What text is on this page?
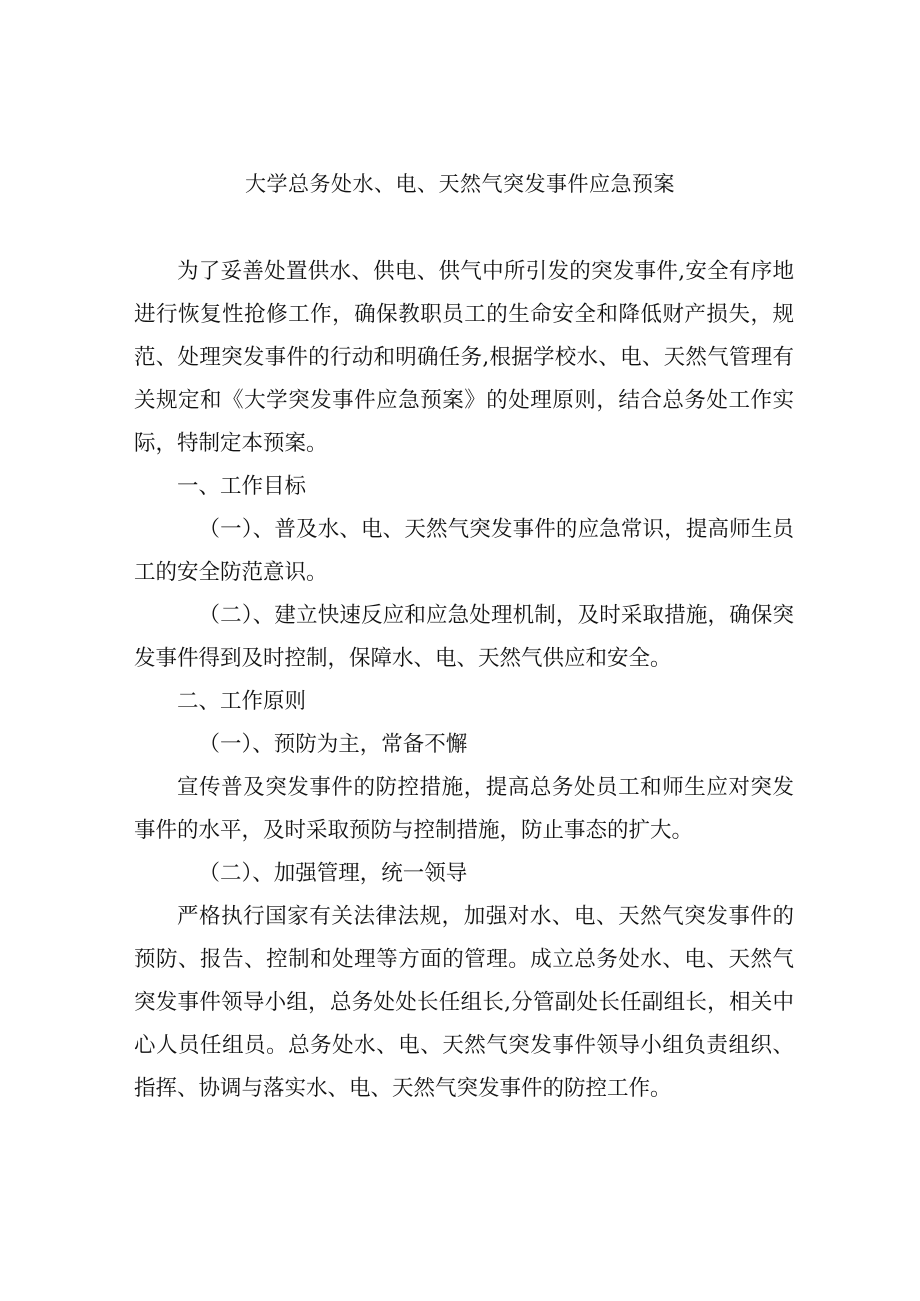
大学总务处水、电、天然气突发事件应急预案

为了妥善处置供水、供电、供气中所引发的突发事件,安全有序地进行恢复性抢修工作，确保教职员工的生命安全和降低财产损失，规范、处理突发事件的行动和明确任务,根据学校水、电、天然气管理有关规定和《大学突发事件应急预案》的处理原则，结合总务处工作实际，特制定本预案。

一、工作目标

（一）、普及水、电、天然气突发事件的应急常识，提高师生员工的安全防范意识。

（二）、建立快速反应和应急处理机制，及时采取措施，确保突发事件得到及时控制，保障水、电、天然气供应和安全。

二、工作原则

（一）、预防为主，常备不懈

宣传普及突发事件的防控措施，提高总务处员工和师生应对突发事件的水平，及时采取预防与控制措施，防止事态的扩大。

（二）、加强管理，统一领导

严格执行国家有关法律法规，加强对水、电、天然气突发事件的预防、报告、控制和处理等方面的管理。成立总务处水、电、天然气突发事件领导小组，总务处处长任组长,分管副处长任副组长，相关中心人员任组员。总务处水、电、天然气突发事件领导小组负责组织、指挥、协调与落实水、电、天然气突发事件的防控工作。
